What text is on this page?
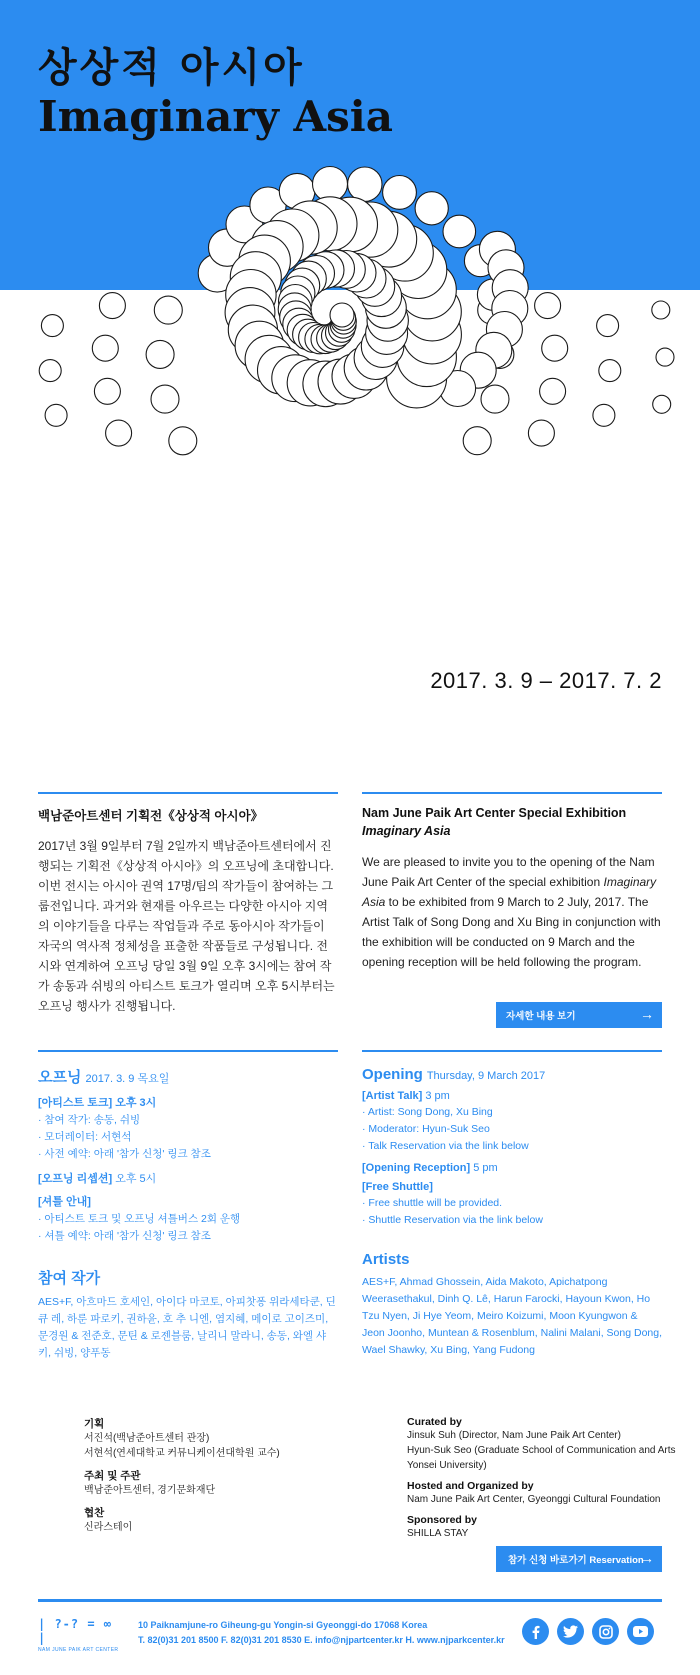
상상적 아시아
Imaginary Asia
2017. 3. 9 – 2017. 7. 2
백남준아트센터 기획전《상상적 아시아》
2017년 3월 9일부터 7월 2일까지 백남준아트센터에서 진행되는 기획전《상상적 아시아》의 오프닝에 초대합니다. 이번 전시는 아시아 권역 17명/팀의 작가들이 참여하는 그룹전입니다. 과거와 현재를 아우르는 다양한 아시아 지역의 이야기들을 다루는 작업들과 주로 동아시아 작가들이 자국의 역사적 정체성을 표출한 작품들로 구성됩니다. 전시와 연계하여 오프닝 당일 3월 9일 오후 3시에는 참여 작가 송동과 쉬빙의 아티스트 토크가 열리며 오후 5시부터는 오프닝 행사가 진행됩니다.
Nam June Paik Art Center Special Exhibition
Imaginary Asia
We are pleased to invite you to the opening of the Nam June Paik Art Center of the special exhibition Imaginary Asia to be exhibited from 9 March to 2 July, 2017. The Artist Talk of Song Dong and Xu Bing in conjunction with the exhibition will be conducted on 9 March and the opening reception will be held following the program.
자세한 내용 보기	→
오프닝 2017. 3. 9 목요일
[아티스트 토크] 오후 3시
· 참여 작가: 송동, 쉬빙
· 모더레이터: 서현석
· 사전 예약: 아래 '참가 신청' 링크 참조
[오프닝 리셉션] 오후 5시
[셔틀 안내]
· 아티스트 토크 및 오프닝 셔틀버스 2회 운행
· 셔틀 예약: 아래 '참가 신청' 링크 참조
참여 작가
AES+F, 아흐마드 호세인, 아이다 마코토, 아피찻퐁 위라세타쿤, 딘 큐 레, 하룬 파로키, 권하윤, 호 추 니엔, 염지혜, 메이로 고이즈미, 문경원 & 전준호, 문틴 & 로젠블룸, 날리니 말라니, 송동, 와엘 샤키, 쉬빙, 양푸동
Opening Thursday, 9 March 2017
[Artist Talk] 3 pm
· Artist: Song Dong, Xu Bing
· Moderator: Hyun-Suk Seo
· Talk Reservation via the link below
[Opening Reception] 5 pm
[Free Shuttle]
· Free shuttle will be provided.
· Shuttle Reservation via the link below
Artists
AES+F, Ahmad Ghossein, Aida Makoto, Apichatpong Weerasethakul, Dinh Q. Lê, Harun Farocki, Hayoun Kwon, Ho Tzu Nyen, Ji Hye Yeom, Meiro Koizumi, Moon Kyungwon & Jeon Joonho, Muntean & Rosenblum, Nalini Malani, Song Dong, Wael Shawky, Xu Bing, Yang Fudong
기획
서진석(백남준아트센터 관장)
서현석(연세대학교 커뮤니케이션대학원 교수)
주최 및 주관
백남준아트센터, 경기문화재단
협찬
신라스테이
Curated by
Jinsuk Suh (Director, Nam June Paik Art Center)
Hyun-Suk Seo (Graduate School of Communication and Arts Yonsei University)
Hosted and Organized by
Nam June Paik Art Center, Gyeonggi Cultural Foundation
Sponsored by
SHILLA STAY
참가 신청 바로가기 Reservation
→
| ?-? = ∞ |
NAM JUNE PAIK ART CENTER
10 Paiknamjune-ro Giheung-gu Yongin-si Gyeonggi-do 17068 Korea
T. 82(0)31 201 8500 F. 82(0)31 201 8530 E. info@njpartcenter.kr H. www.njparkcenter.kr
